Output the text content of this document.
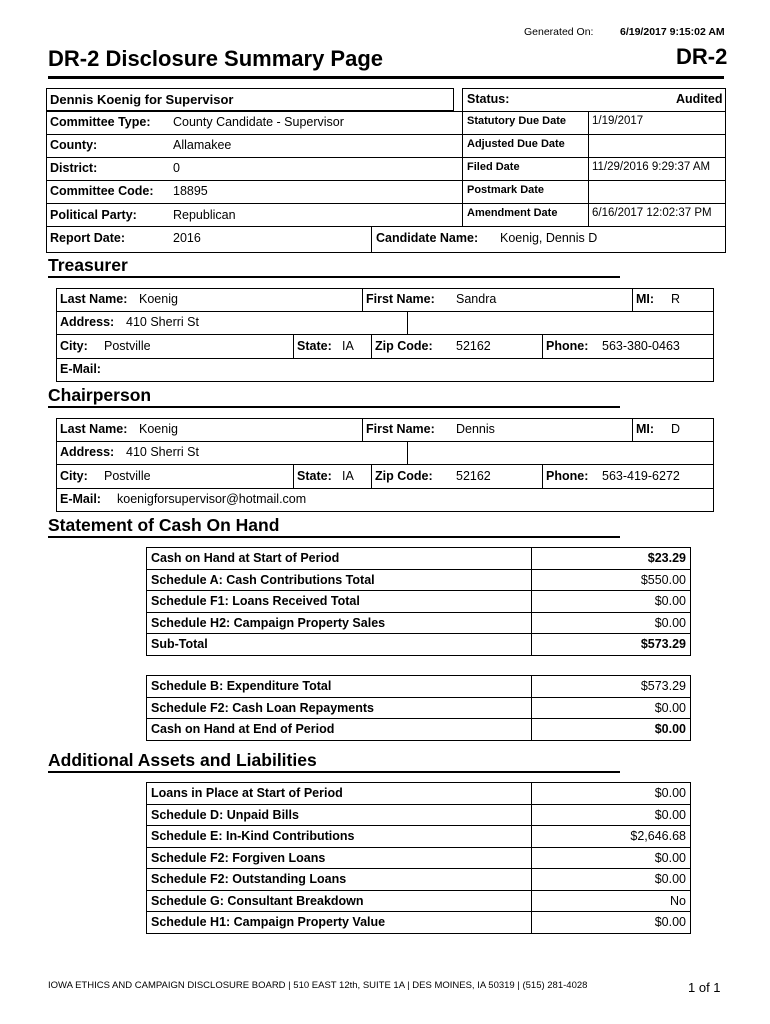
Generated On:	6/19/2017 9:15:02 AM
DR-2 Disclosure Summary Page	DR-2
Dennis Koenig for Supervisor
Committee Type: County Candidate - Supervisor
County:	Allamakee
District:	0
Committee Code: 18895
Political Party:	Republican
Report Date:	2016	Candidate Name: Koenig, Dennis D
Status:	Audited
Statutory Due Date 1/19/2017
Adjusted Due Date
Filed Date	11/29/2016 9:29:37 AM
Postmark Date
Amendment Date	6/16/2017 12:02:37 PM
Treasurer
Last Name: Koenig	First Name: Sandra	MI: R
Address: 410 Sherri St
City: Postville	State: IA Zip Code: 52162	Phone: 563-380-0463
E-Mail:
Chairperson
Last Name: Koenig	First Name: Dennis	MI: D
Address: 410 Sherri St
City: Postville	State: IA Zip Code: 52162	Phone: 563-419-6272
E-Mail: koenigforsupervisor@hotmail.com
Statement of Cash On Hand
Cash on Hand at Start of Period	$23.29
Schedule A: Cash Contributions Total	$550.00
Schedule F1: Loans Received Total	$0.00
Schedule H2: Campaign Property Sales	$0.00
Sub-Total	$573.29
Schedule B: Expenditure Total	$573.29
Schedule F2: Cash Loan Repayments	$0.00
Cash on Hand at End of Period	$0.00
Additional Assets and Liabilities
Loans in Place at Start of Period	$0.00
Schedule D: Unpaid Bills	$0.00
Schedule E: In-Kind Contributions	$2,646.68
Schedule F2: Forgiven Loans	$0.00
Schedule F2: Outstanding Loans	$0.00
Schedule G: Consultant Breakdown	No
Schedule H1: Campaign Property Value	$0.00
IOWA ETHICS AND CAMPAIGN DISCLOSURE BOARD | 510 EAST 12th, SUITE 1A | DES MOINES, IA 50319 | (515) 281-4028	1 of 1
